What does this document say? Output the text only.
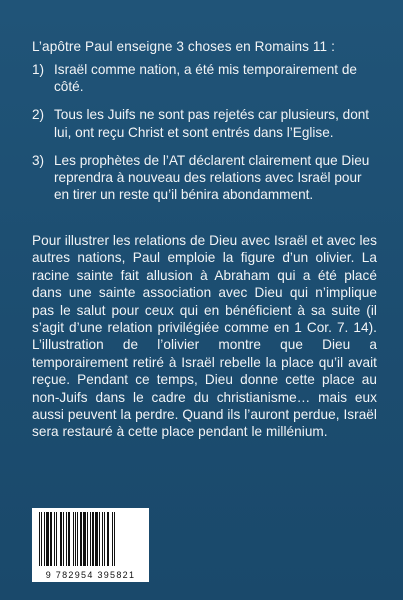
L’apôtre Paul enseigne 3 choses en Romains 11 :

1) Israël comme nation, a été mis temporairement de côté.
2) Tous les Juifs ne sont pas rejetés car plusieurs, dont lui, ont reçu Christ et sont entrés dans l’Eglise.
3) Les prophètes de l’AT déclarent clairement que Dieu reprendra à nouveau des relations avec Israël pour en tirer un reste qu’il bénira abondamment.

Pour illustrer les relations de Dieu avec Israël et avec les autres nations, Paul emploie la figure d’un olivier. La racine sainte fait allusion à Abraham qui a été placé dans une sainte association avec Dieu qui n’implique pas le salut pour ceux qui en bénéficient à sa suite (il s’agit d’une relation privilégiée comme en 1 Cor. 7. 14). L’illustration de l’olivier montre que Dieu a temporairement retiré à Israël rebelle la place qu’il avait reçue. Pendant ce temps, Dieu donne cette place au non-Juifs dans le cadre du christianisme… mais eux aussi peuvent la perdre. Quand ils l’auront perdue, Israël sera restauré à cette place pendant le millénium.

9 782954 395821
